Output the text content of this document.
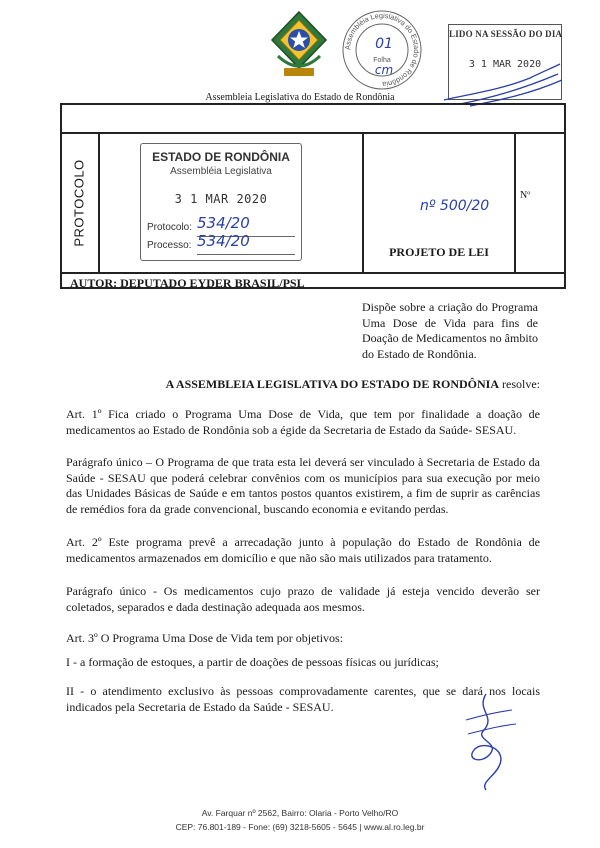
Assembleia Legislativa do Estado de Rondônia
Assembléia Legislativa do Estado de Rondônia
01
Folha
cm
LIDO NA SESSÃO DO DIA
3 1 MAR 2020
PROTOCOLO
ESTADO DE RONDÔNIA
Assembléia Legislativa
3 1 MAR 2020
Protocolo:
Processo:
534/20
534/20
nº 500/20
Nº
PROJETO DE LEI
AUTOR: DEPUTADO EYDER BRASIL/PSL
Dispõe sobre a criação do Programa Uma Dose de Vida para fins de Doação de Medicamentos no âmbito do Estado de Rondônia.
A ASSEMBLEIA LEGISLATIVA DO ESTADO DE RONDÔNIA resolve:
Art. 1º Fica criado o Programa Uma Dose de Vida, que tem por finalidade a doação de medicamentos ao Estado de Rondônia sob a égide da Secretaria de Estado da Saúde- SESAU.
Parágrafo único – O Programa de que trata esta lei deverá ser vinculado à Secretaria de Estado da Saúde - SESAU que poderá celebrar convênios com os municípios para sua execução por meio das Unidades Básicas de Saúde e em tantos postos quantos existirem, a fim de suprir as carências de remédios fora da grade convencional, buscando economia e evitando perdas.
Art. 2º Este programa prevê a arrecadação junto à população do Estado de Rondônia de medicamentos armazenados em domicílio e que não são mais utilizados para tratamento.
Parágrafo único - Os medicamentos cujo prazo de validade já esteja vencido deverão ser coletados, separados e dada destinação adequada aos mesmos.
Art. 3º O Programa Uma Dose de Vida tem por objetivos:
I - a formação de estoques, a partir de doações de pessoas físicas ou jurídicas;
II - o atendimento exclusivo às pessoas comprovadamente carentes, que se dará nos locais indicados pela Secretaria de Estado da Saúde - SESAU.
Av. Farquar nº 2562, Bairro: Olaria - Porto Velho/RO
CEP: 76.801-189 - Fone: (69) 3218-5605 - 5645 | www.al.ro.leg.br
